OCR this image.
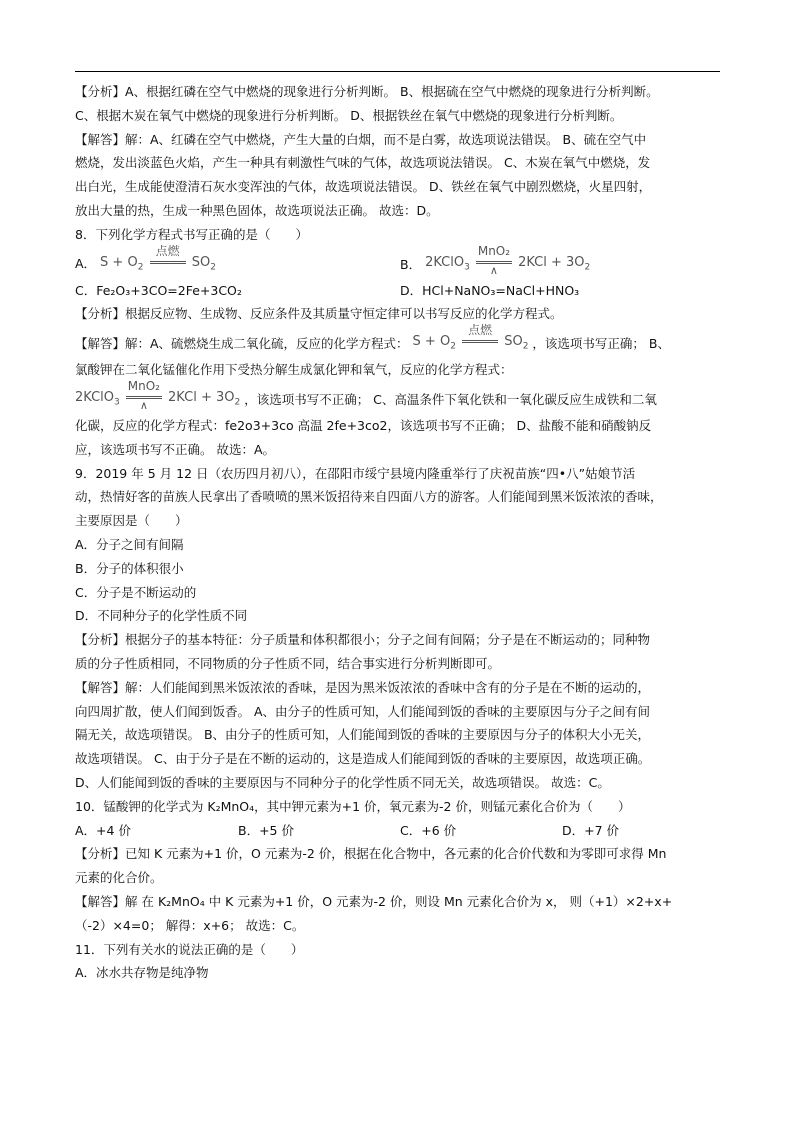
【分析】A、根据红磷在空气中燃烧的现象进行分析判断。 B、根据硫在空气中燃烧的现象进行分析判断。
C、根据木炭在氧气中燃烧的现象进行分析判断。 D、根据铁丝在氧气中燃烧的现象进行分析判断。
【解答】解：A、红磷在空气中燃烧，产生大量的白烟，而不是白雾，故选项说法错误。 B、硫在空气中
燃烧，发出淡蓝色火焰，产生一种具有刺激性气味的气体，故选项说法错误。 C、木炭在氧气中燃烧，发
出白光，生成能使澄清石灰水变浑浊的气体，故选项说法错误。 D、铁丝在氧气中剧烈燃烧，火星四射，
放出大量的热，生成一种黑色固体，故选项说法正确。 故选：D。
8．下列化学方程式书写正确的是（　　）
A． $S + O_2$
点燃
$SO_2$	B． 2KClO$_3$
MnO₂
∧
$2KCl + 3O_2$
C．Fe₂O₃+3CO=2Fe+3CO₂	D．HCl+NaNO₃=NaCl+HNO₃
【分析】根据反应物、生成物、反应条件及其质量守恒定律可以书写反应的化学方程式。
【解答】解：A、硫燃烧生成二氧化硫，反应的化学方程式： $S + O_2$
点燃
$SO_2$ ，该选项书写正确； B、
氯酸钾在二氧化锰催化作用下受热分解生成氯化钾和氧气，反应的化学方程式：
2KClO$_3$
MnO₂
∧
$2KCl + 3O_2$ ，该选项书写不正确； C、高温条件下氧化铁和一氧化碳反应生成铁和二氧
化碳，反应的化学方程式：fe2o3+3co 高温 2fe+3co2，该选项书写不正确； D、盐酸不能和硝酸钠反
应，该选项书写不正确。 故选：A。
9．2019 年 5 月 12 日（农历四月初八），在邵阳市绥宁县境内隆重举行了庆祝苗族“四•八”姑娘节活
动，热情好客的苗族人民拿出了香喷喷的黑米饭招待来自四面八方的游客。人们能闻到黑米饭浓浓的香味，
主要原因是（　　）
A．分子之间有间隔
B．分子的体积很小
C．分子是不断运动的
D．不同种分子的化学性质不同
【分析】根据分子的基本特征：分子质量和体积都很小；分子之间有间隔；分子是在不断运动的；同种物
质的分子性质相同，不同物质的分子性质不同，结合事实进行分析判断即可。
【解答】解：人们能闻到黑米饭浓浓的香味，是因为黑米饭浓浓的香味中含有的分子是在不断的运动的，
向四周扩散，使人们闻到饭香。 A、由分子的性质可知，人们能闻到饭的香味的主要原因与分子之间有间
隔无关，故选项错误。 B、由分子的性质可知，人们能闻到饭的香味的主要原因与分子的体积大小无关，
故选项错误。 C、由于分子是在不断的运动的，这是造成人们能闻到饭的香味的主要原因，故选项正确。
D、人们能闻到饭的香味的主要原因与不同种分子的化学性质不同无关，故选项错误。 故选：C。
10．锰酸钾的化学式为 K₂MnO₄，其中钾元素为+1 价，氧元素为-2 价，则锰元素化合价为（　　）
A．+4 价	B．+5 价	C．+6 价	D．+7 价
【分析】已知 K 元素为+1 价，O 元素为-2 价，根据在化合物中，各元素的化合价代数和为零即可求得 Mn
元素的化合价。
【解答】解 在 K₂MnO₄ 中 K 元素为+1 价，O 元素为-2 价，则设 Mn 元素化合价为 x， 则（+1）×2+x+
（-2）×4=0； 解得：x+6； 故选：C。
11．下列有关水的说法正确的是（　　）
A．冰水共存物是纯净物
